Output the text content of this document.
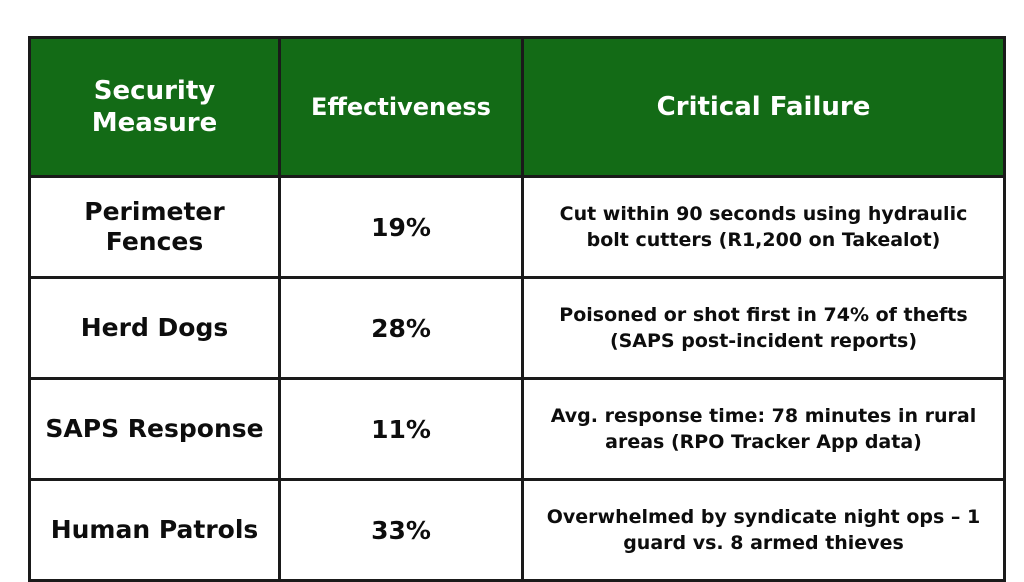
Security Measure	Effectiveness	Critical Failure
Perimeter Fences	19%	Cut within 90 seconds using hydraulic bolt cutters (R1,200 on Takealot)
Herd Dogs	28%	Poisoned or shot first in 74% of thefts (SAPS post-incident reports)
SAPS Response	11%	Avg. response time: 78 minutes in rural areas (RPO Tracker App data)
Human Patrols	33%	Overwhelmed by syndicate night ops – 1 guard vs. 8 armed thieves
